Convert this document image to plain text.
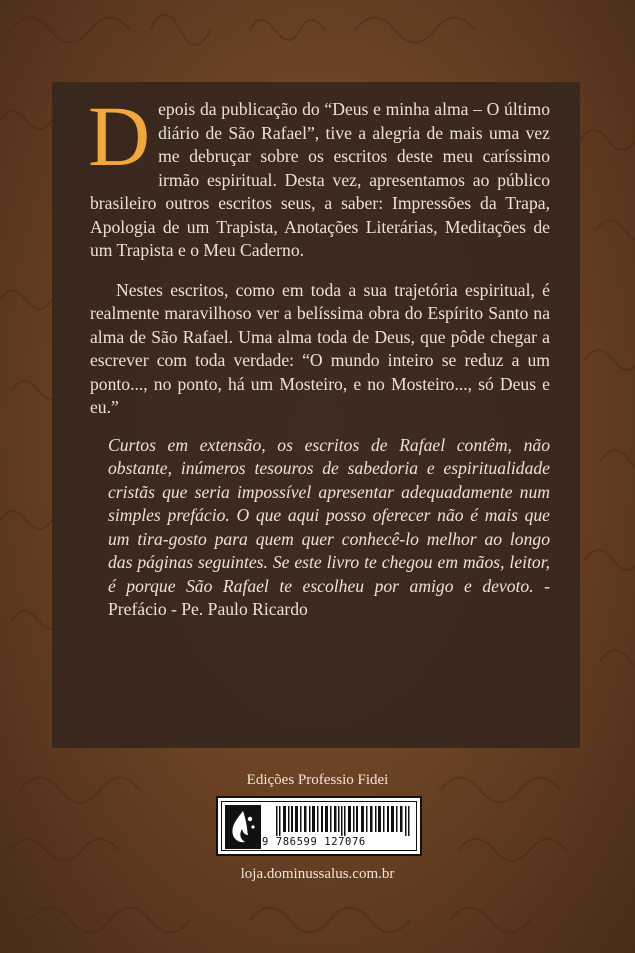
D epois da publicação do “Deus e minha alma – O último diário de São Rafael”, tive a alegria de mais uma vez me debruçar sobre os escritos deste meu caríssimo irmão espiritual. Desta vez, apresentamos ao público brasileiro outros escritos seus, a saber: Impressões da Trapa, Apologia de um Trapista, Anotações Literárias, Meditações de um Trapista e o Meu Caderno.

Nestes escritos, como em toda a sua trajetória espiritual, é realmente maravilhoso ver a belíssima obra do Espírito Santo na alma de São Rafael. Uma alma toda de Deus, que pôde chegar a escrever com toda verdade: “O mundo inteiro se reduz a um ponto..., no ponto, há um Mosteiro, e no Mosteiro..., só Deus e eu.”

Curtos em extensão, os escritos de Rafael contêm, não obstante, inúmeros tesouros de sabedoria e espiritualidade cristãs que seria impossível apresentar adequadamente num simples prefácio. O que aqui posso oferecer não é mais que um tira-gosto para quem quer conhecê-lo melhor ao longo das páginas seguintes. Se este livro te chegou em mãos, leitor, é porque São Rafael te escolheu por amigo e devoto. - Prefácio - Pe. Paulo Ricardo

Edições Professio Fidei
9 786599 127076
loja.dominussalus.com.br
